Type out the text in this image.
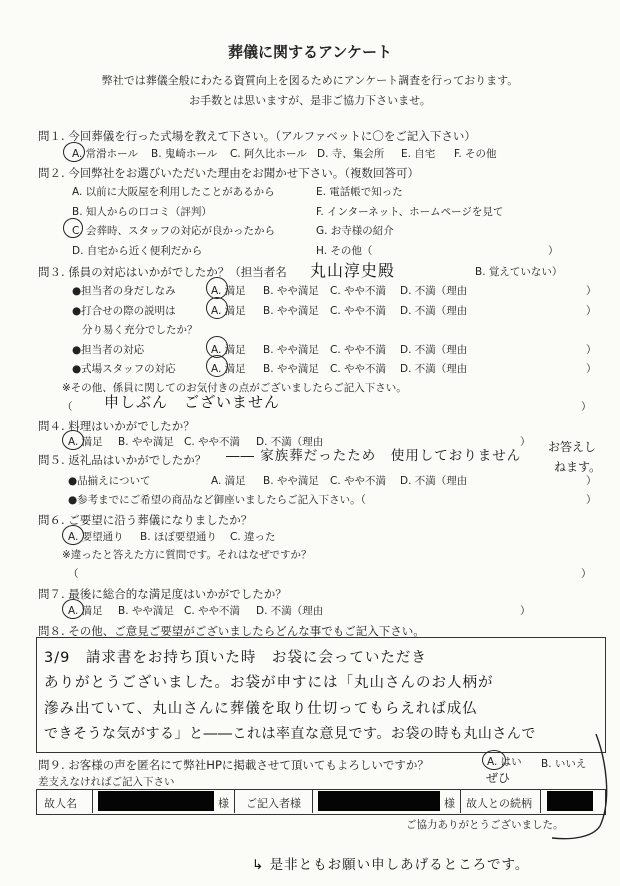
葬儀に関するアンケート
弊社では葬儀全般にわたる資質向上を図るためにアンケート調査を行っております。
お手数とは思いますが、是非ご協力下さいませ。
問１. 今回葬儀を行った式場を教えて下さい。（アルファベットに〇をご記入下さい）
A. 常滑ホール B. 鬼崎ホール C. 阿久比ホール D. 寺、集会所 E. 自宅 F. その他
問２. 今回弊社をお選びいただいた理由をお聞かせ下さい。（複数回答可）
A. 以前に大阪屋を利用したことがあるから
B. 知人からの口コミ（評判）
C. 会葬時、スタッフの対応が良かったから
D. 自宅から近く便利だから
E. 電話帳で知った
F. インターネット、ホームページを見て
G. お寺様の紹介
H. その他（	）
問３. 係員の対応はいかがでしたか？（担当者名 丸山淳史殿	B. 覚えていない）
●担当者の身だしなみ	A. 満足 B. やや満足 C. やや不満 D. 不満（理由	）
●打合せの際の説明は	A. 満足 B. やや満足 C. やや不満 D. 不満（理由	）
分り易く充分でしたか？
●担当者の対応	A. 満足 B. やや満足 C. やや不満 D. 不満（理由	）
●式場スタッフの対応	A. 満足 B. やや満足 C. やや不満 D. 不満（理由	）
※その他、係員に関してのお気付きの点がございましたらご記入下さい。
（ 申しぶん　ございません	）
問４. 料理はいかがでしたか？
A. 満足 B. やや満足 C. やや不満 D. 不満（理由	）
問５. 返礼品はいかがでしたか？ ―― 家族葬だったため　使用しておりません
お答えし
ねます。
●品揃えについて	A. 満足 B. やや満足 C. やや不満 D. 不満（理由	）
●参考までにご希望の商品など御座いましたらご記入下さい。（	）
問６. ご要望に沿う葬儀になりましたか？
A. 要望通り B. ほぼ要望通り C. 違った
※違ったと答えた方に質問です。それはなぜですか？
（	）
問７. 最後に総合的な満足度はいかがでしたか？
A. 満足 B. やや満足 C. やや不満 D. 不満（理由	）
問８. その他、ご意見ご要望がございましたらどんな事でもご記入下さい。
3/9　請求書をお持ち頂いた時　お袋に会っていただき
ありがとうございました。お袋が申すには「丸山さんのお人柄が
滲み出ていて、丸山さんに葬儀を取り仕切ってもらえれば成仏
できそうな気がする」と――これは率直な意見です。お袋の時も丸山さんで
問９. お客様の声を匿名にて弊社HPに掲載させて頂いてもよろしいですか？	A. はい B. いいえ
ぜひ
差支えなければご記入下さい
故人名	様 ご記入者様	様 故人との続柄
ご協力ありがとうございました。
↳ 是非ともお願い申しあげるところです。
